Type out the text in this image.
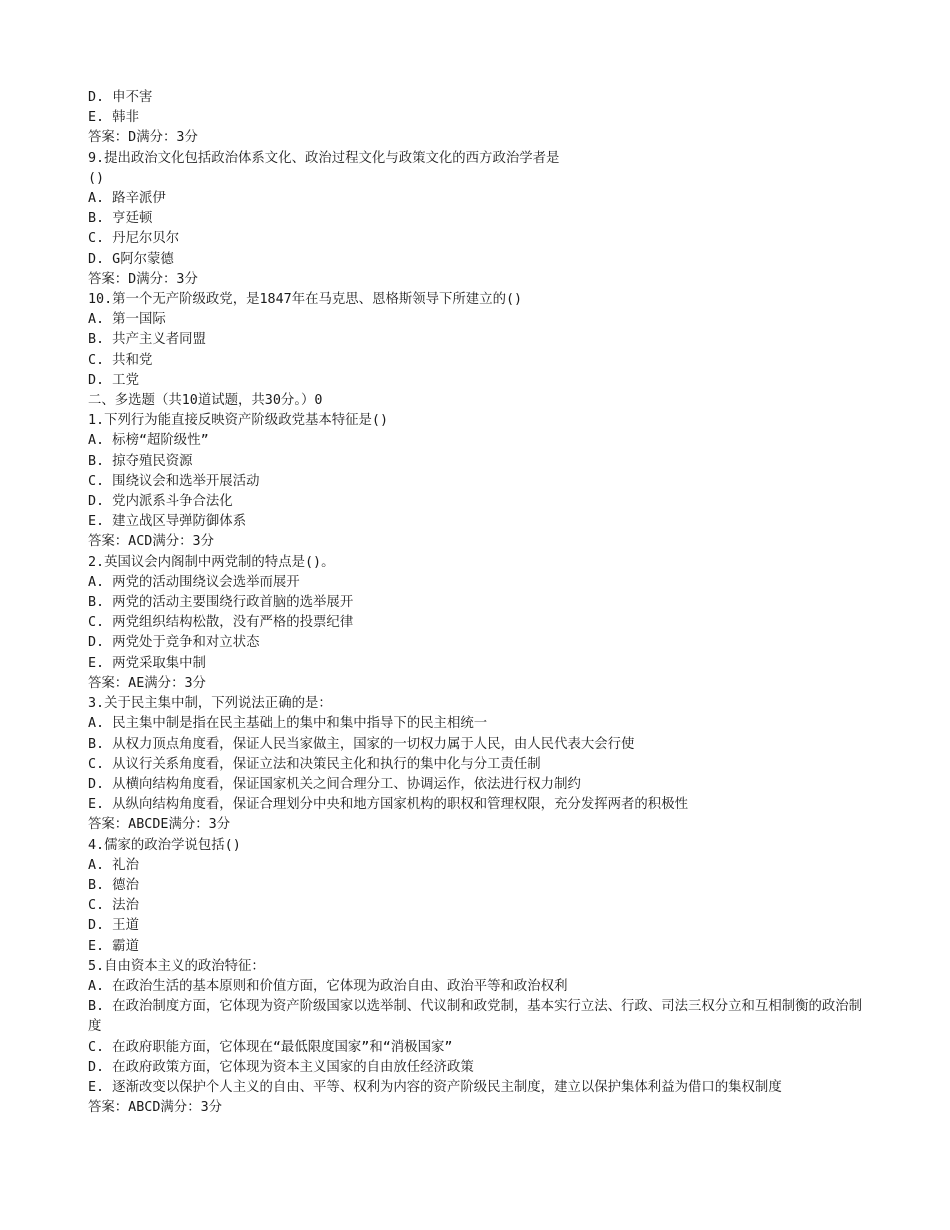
D. 申不害

E. 韩非

答案：D满分：3分

9.提出政治文化包括政治体系文化、政治过程文化与政策文化的西方政治学者是

()

A. 路辛派伊

B. 亨廷顿

C. 丹尼尔贝尔

D. G阿尔蒙德

答案：D满分：3分

10.第一个无产阶级政党，是1847年在马克思、恩格斯领导下所建立的()

A. 第一国际

B. 共产主义者同盟

C. 共和党

D. 工党

二、多选题（共10道试题，共30分。）0

1.下列行为能直接反映资产阶级政党基本特征是()

A. 标榜“超阶级性”

B. 掠夺殖民资源

C. 围绕议会和选举开展活动

D. 党内派系斗争合法化

E. 建立战区导弹防御体系

答案：ACD满分：3分

2.英国议会内阁制中两党制的特点是()。

A. 两党的活动围绕议会选举而展开

B. 两党的活动主要围绕行政首脑的选举展开

C. 两党组织结构松散，没有严格的投票纪律

D. 两党处于竞争和对立状态

E. 两党采取集中制

答案：AE满分：3分

3.关于民主集中制，下列说法正确的是：

A. 民主集中制是指在民主基础上的集中和集中指导下的民主相统一

B. 从权力顶点角度看，保证人民当家做主，国家的一切权力属于人民，由人民代表大会行使

C. 从议行关系角度看，保证立法和决策民主化和执行的集中化与分工责任制

D. 从横向结构角度看，保证国家机关之间合理分工、协调运作，依法进行权力制约

E. 从纵向结构角度看，保证合理划分中央和地方国家机构的职权和管理权限，充分发挥两者的积极性

答案：ABCDE满分：3分

4.儒家的政治学说包括()

A. 礼治

B. 德治

C. 法治

D. 王道

E. 霸道

5.自由资本主义的政治特征：

A. 在政治生活的基本原则和价值方面，它体现为政治自由、政治平等和政治权利

B. 在政治制度方面，它体现为资产阶级国家以选举制、代议制和政党制，基本实行立法、行政、司法三权分立和互相制衡的政治制度

C. 在政府职能方面，它体现在“最低限度国家”和“消极国家”

D. 在政府政策方面，它体现为资本主义国家的自由放任经济政策

E. 逐渐改变以保护个人主义的自由、平等、权利为内容的资产阶级民主制度，建立以保护集体利益为借口的集权制度

答案：ABCD满分：3分
